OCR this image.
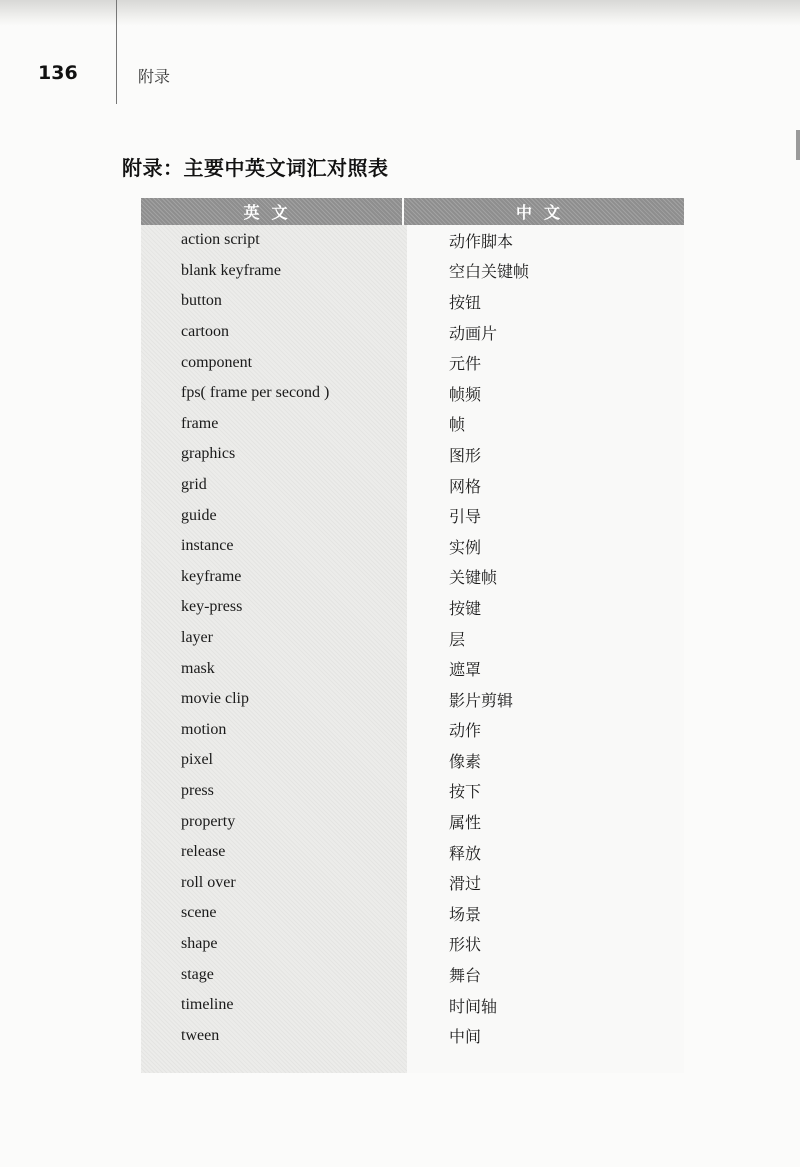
136	附录
附录：主要中英文词汇对照表
英文	中文
action script	动作脚本
blank keyframe	空白关键帧
button	按钮
cartoon	动画片
component	元件
fps( frame per second )	帧频
frame	帧
graphics	图形
grid	网格
guide	引导
instance	实例
keyframe	关键帧
key-press	按键
layer	层
mask	遮罩
movie clip	影片剪辑
motion	动作
pixel	像素
press	按下
property	属性
release	释放
roll over	滑过
scene	场景
shape	形状
stage	舞台
timeline	时间轴
tween	中间
